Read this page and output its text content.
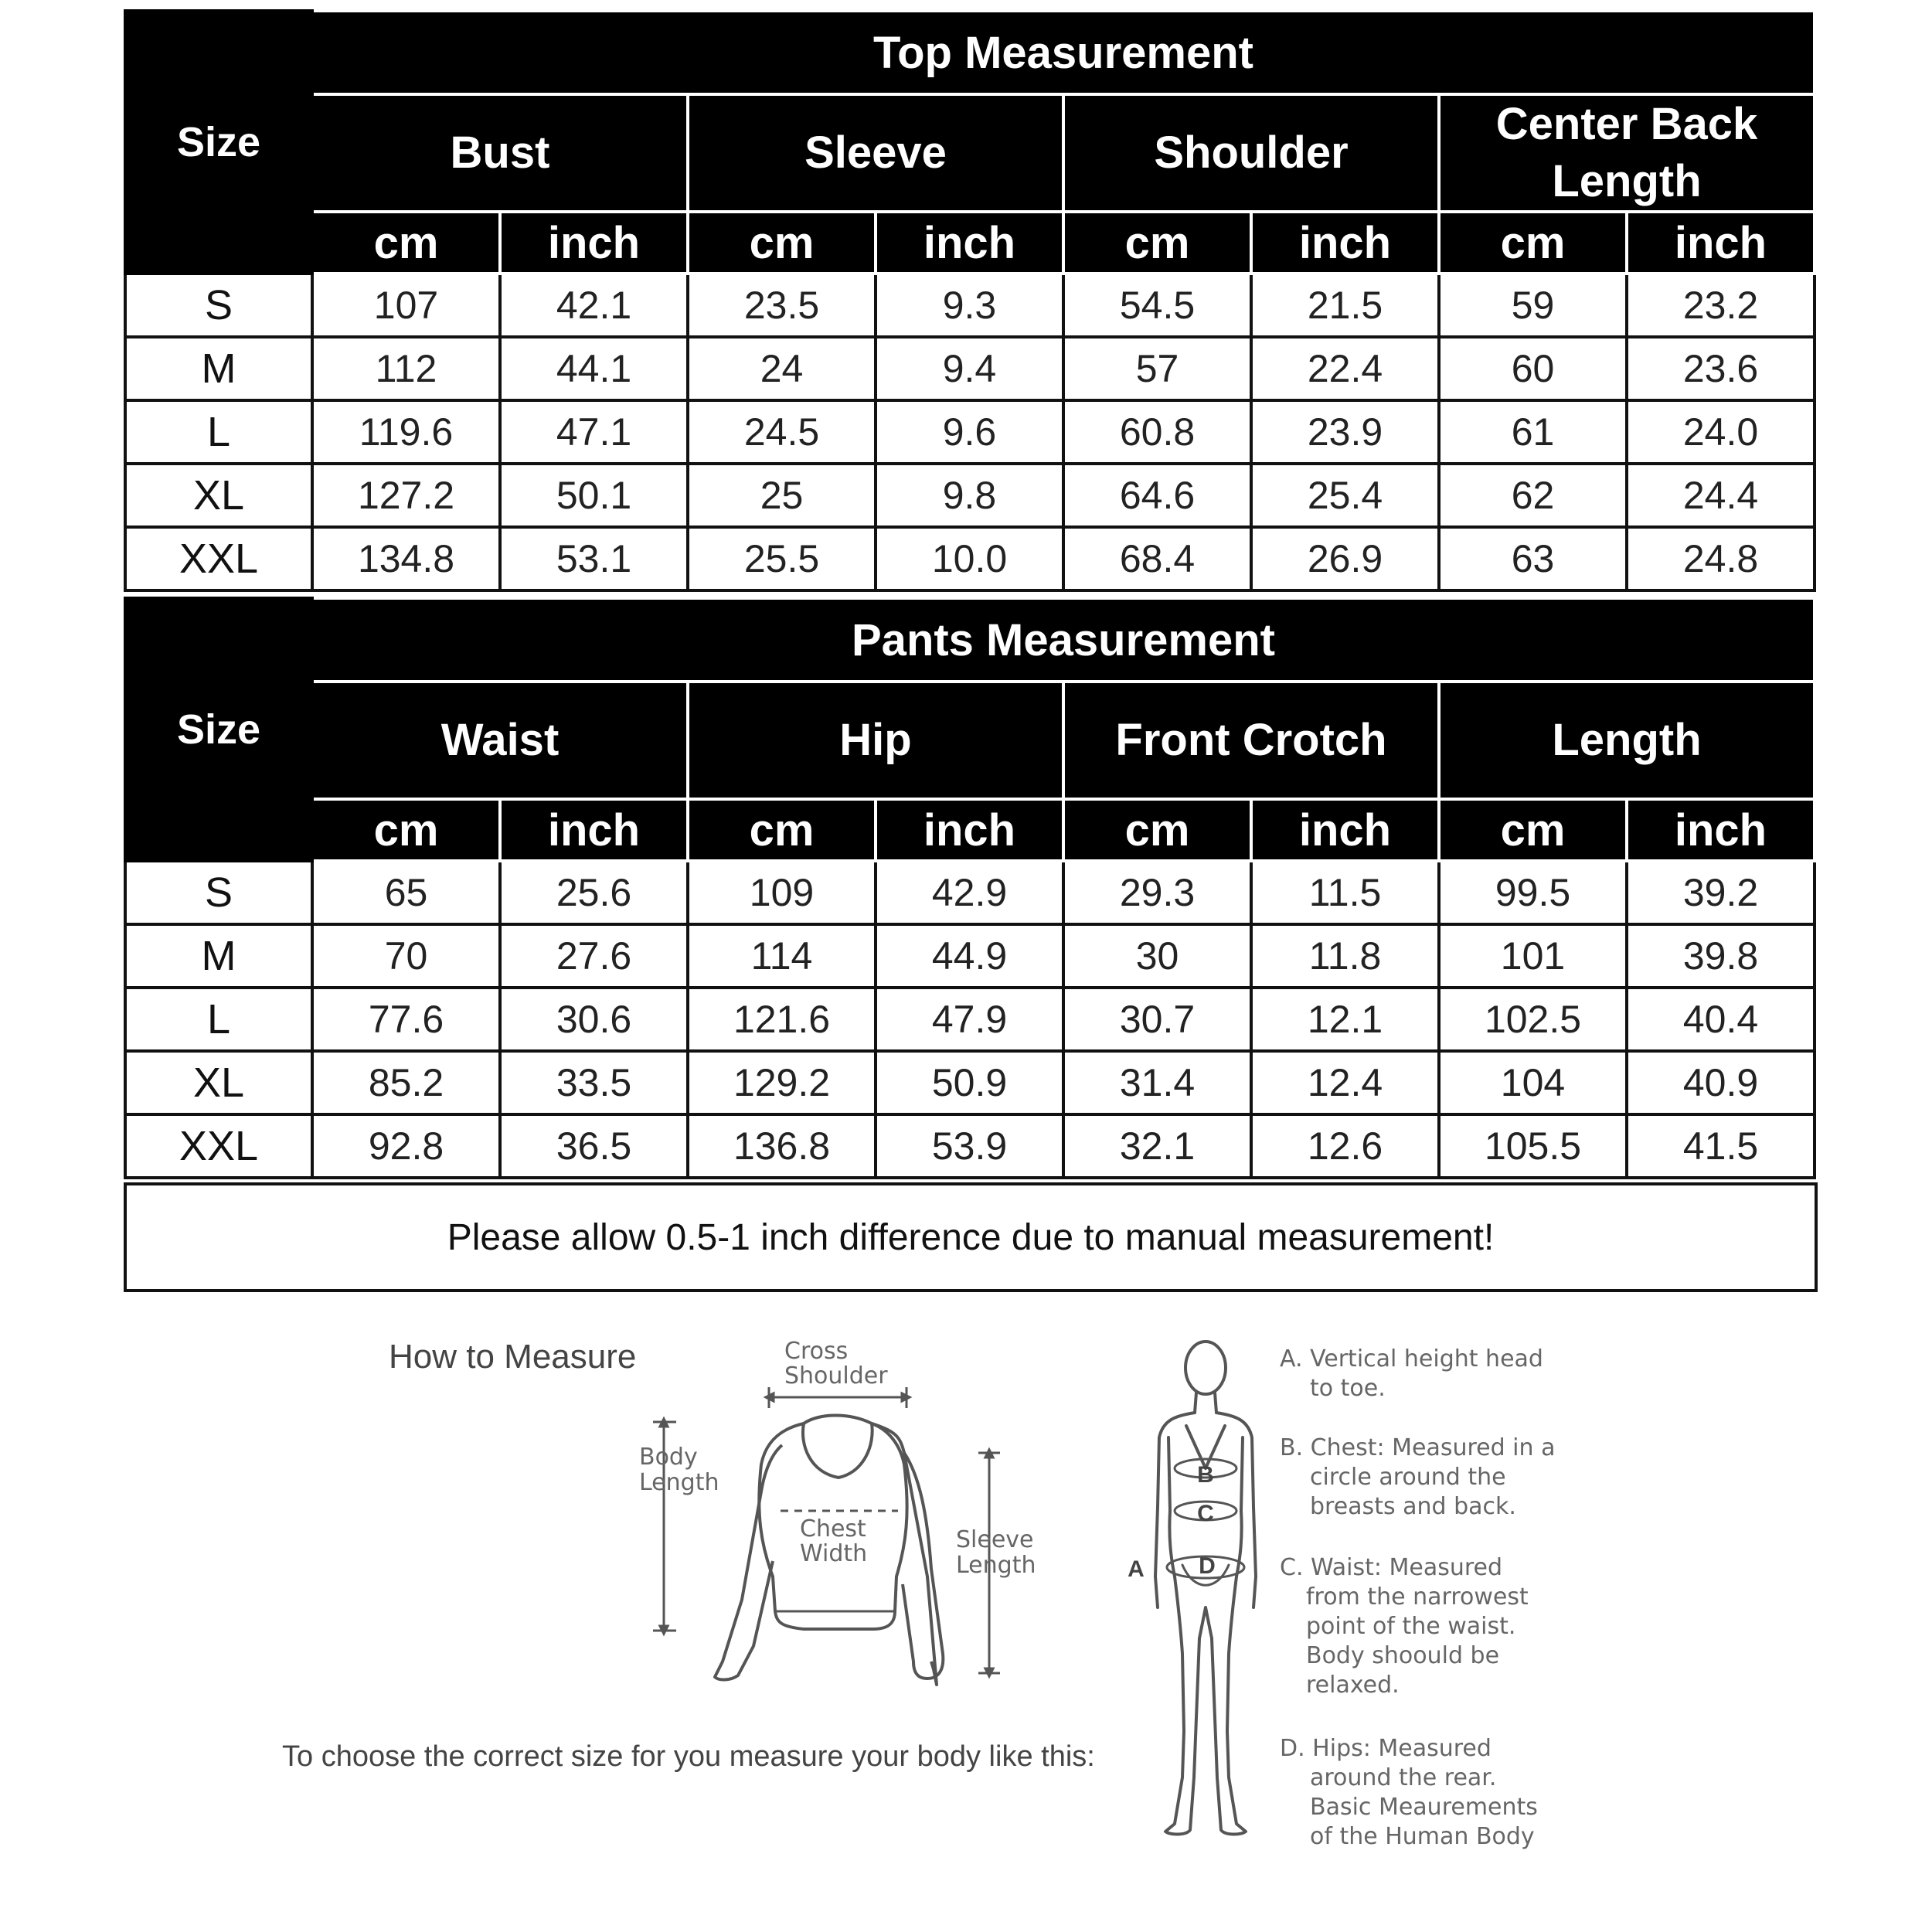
Size	Top Measurement							
	Bust		Sleeve		Shoulder		Center Back Length	
	cm	inch	cm	inch	cm	inch	cm	inch
S	107	42.1	23.5	9.3	54.5	21.5	59	23.2
M	112	44.1	24	9.4	57	22.4	60	23.6
L	119.6	47.1	24.5	9.6	60.8	23.9	61	24.0
XL	127.2	50.1	25	9.8	64.6	25.4	62	24.4
XXL	134.8	53.1	25.5	10.0	68.4	26.9	63	24.8
Size	Pants Measurement							
	Waist		Hip		Front Crotch		Length	
	cm	inch	cm	inch	cm	inch	cm	inch
S	65	25.6	109	42.9	29.3	11.5	99.5	39.2
M	70	27.6	114	44.9	30	11.8	101	39.8
L	77.6	30.6	121.6	47.9	30.7	12.1	102.5	40.4
XL	85.2	33.5	129.2	50.9	31.4	12.4	104	40.9
XXL	92.8	36.5	136.8	53.9	32.1	12.6	105.5	41.5
Please allow 0.5-1 inch difference due to manual measurement!
How to Measure
To choose the correct size for you measure your body like this:
Cross
Shoulder
Body
Length
Chest
Width
Sleeve
Length
B
C
D
A
A. Vertical height head
to toe.
B. Chest: Measured in a
circle around the
breasts and back.
C. Waist: Measured
from the narrowest
point of the waist.
Body shoould be
relaxed.
D. Hips: Measured
around the rear.
Basic Meaurements
of the Human Body
